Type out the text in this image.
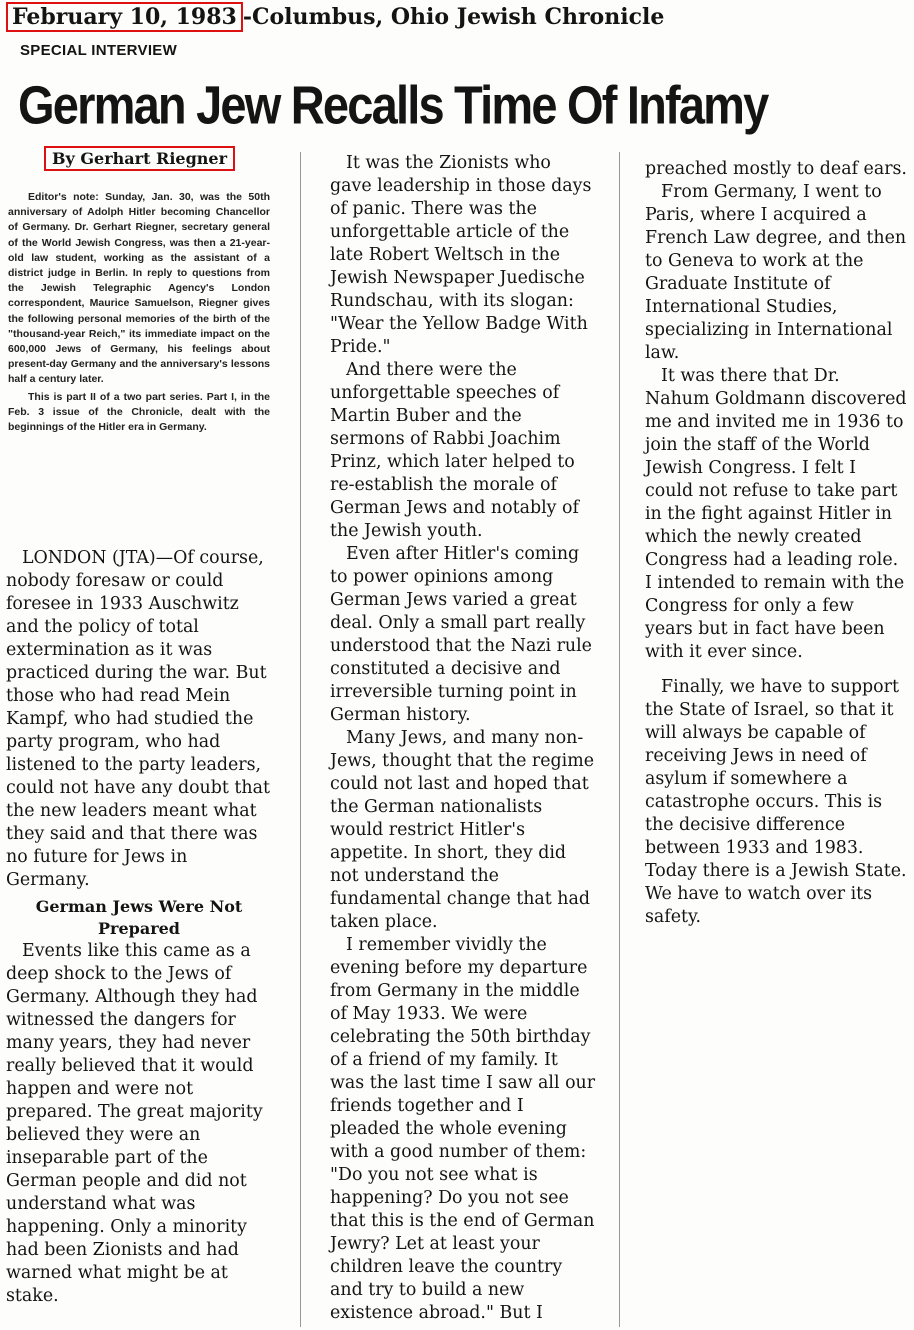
February 10, 1983 -Columbus, Ohio Jewish Chronicle
SPECIAL INTERVIEW
German Jew Recalls Time Of Infamy
By Gerhart Riegner

Editor's note: Sunday, Jan. 30, was the 50th anniversary of Adolph Hitler becoming Chancellor of Germany. Dr. Gerhart Riegner, secretary general of the World Jewish Congress, was then a 21-year-old law student, working as the assistant of a district judge in Berlin. In reply to questions from the Jewish Telegraphic Agency's London correspondent, Maurice Samuelson, Riegner gives the following personal memories of the birth of the "thousand-year Reich," its immediate impact on the 600,000 Jews of Germany, his feelings about present-day Germany and the anniversary's lessons half a century later.

This is part II of a two part series. Part I, in the Feb. 3 issue of the Chronicle, dealt with the beginnings of the Hitler era in Germany.

LONDON (JTA)—Of course, nobody foresaw or could foresee in 1933 Auschwitz and the policy of total extermination as it was practiced during the war. But those who had read Mein Kampf, who had studied the party program, who had listened to the party leaders, could not have any doubt that the new leaders meant what they said and that there was no future for Jews in Germany.

German Jews Were Not Prepared

Events like this came as a deep shock to the Jews of Germany. Although they had witnessed the dangers for many years, they had never really believed that it would happen and were not prepared. The great majority believed they were an inseparable part of the German people and did not understand what was happening. Only a minority had been Zionists and had warned what might be at stake.

It was the Zionists who gave leadership in those days of panic. There was the unforgettable article of the late Robert Weltsch in the Jewish Newspaper Juedische Rundschau, with its slogan: "Wear the Yellow Badge With Pride."

And there were the unforgettable speeches of Martin Buber and the sermons of Rabbi Joachim Prinz, which later helped to re-establish the morale of German Jews and notably of the Jewish youth.

Even after Hitler's coming to power opinions among German Jews varied a great deal. Only a small part really understood that the Nazi rule constituted a decisive and irreversible turning point in German history.

Many Jews, and many non-Jews, thought that the regime could not last and hoped that the German nationalists would restrict Hitler's appetite. In short, they did not understand the fundamental change that had taken place.

I remember vividly the evening before my departure from Germany in the middle of May 1933. We were celebrating the 50th birthday of a friend of my family. It was the last time I saw all our friends together and I pleaded the whole evening with a good number of them: "Do you not see what is happening? Do you not see that this is the end of German Jewry? Let at least your children leave the country and try to build a new existence abroad." But I

preached mostly to deaf ears.

From Germany, I went to Paris, where I acquired a French Law degree, and then to Geneva to work at the Graduate Institute of International Studies, specializing in International law.

It was there that Dr. Nahum Goldmann discovered me and invited me in 1936 to join the staff of the World Jewish Congress. I felt I could not refuse to take part in the fight against Hitler in which the newly created Congress had a leading role. I intended to remain with the Congress for only a few years but in fact have been with it ever since.

Finally, we have to support the State of Israel, so that it will always be capable of receiving Jews in need of asylum if somewhere a catastrophe occurs. This is the decisive difference between 1933 and 1983. Today there is a Jewish State. We have to watch over its safety.
